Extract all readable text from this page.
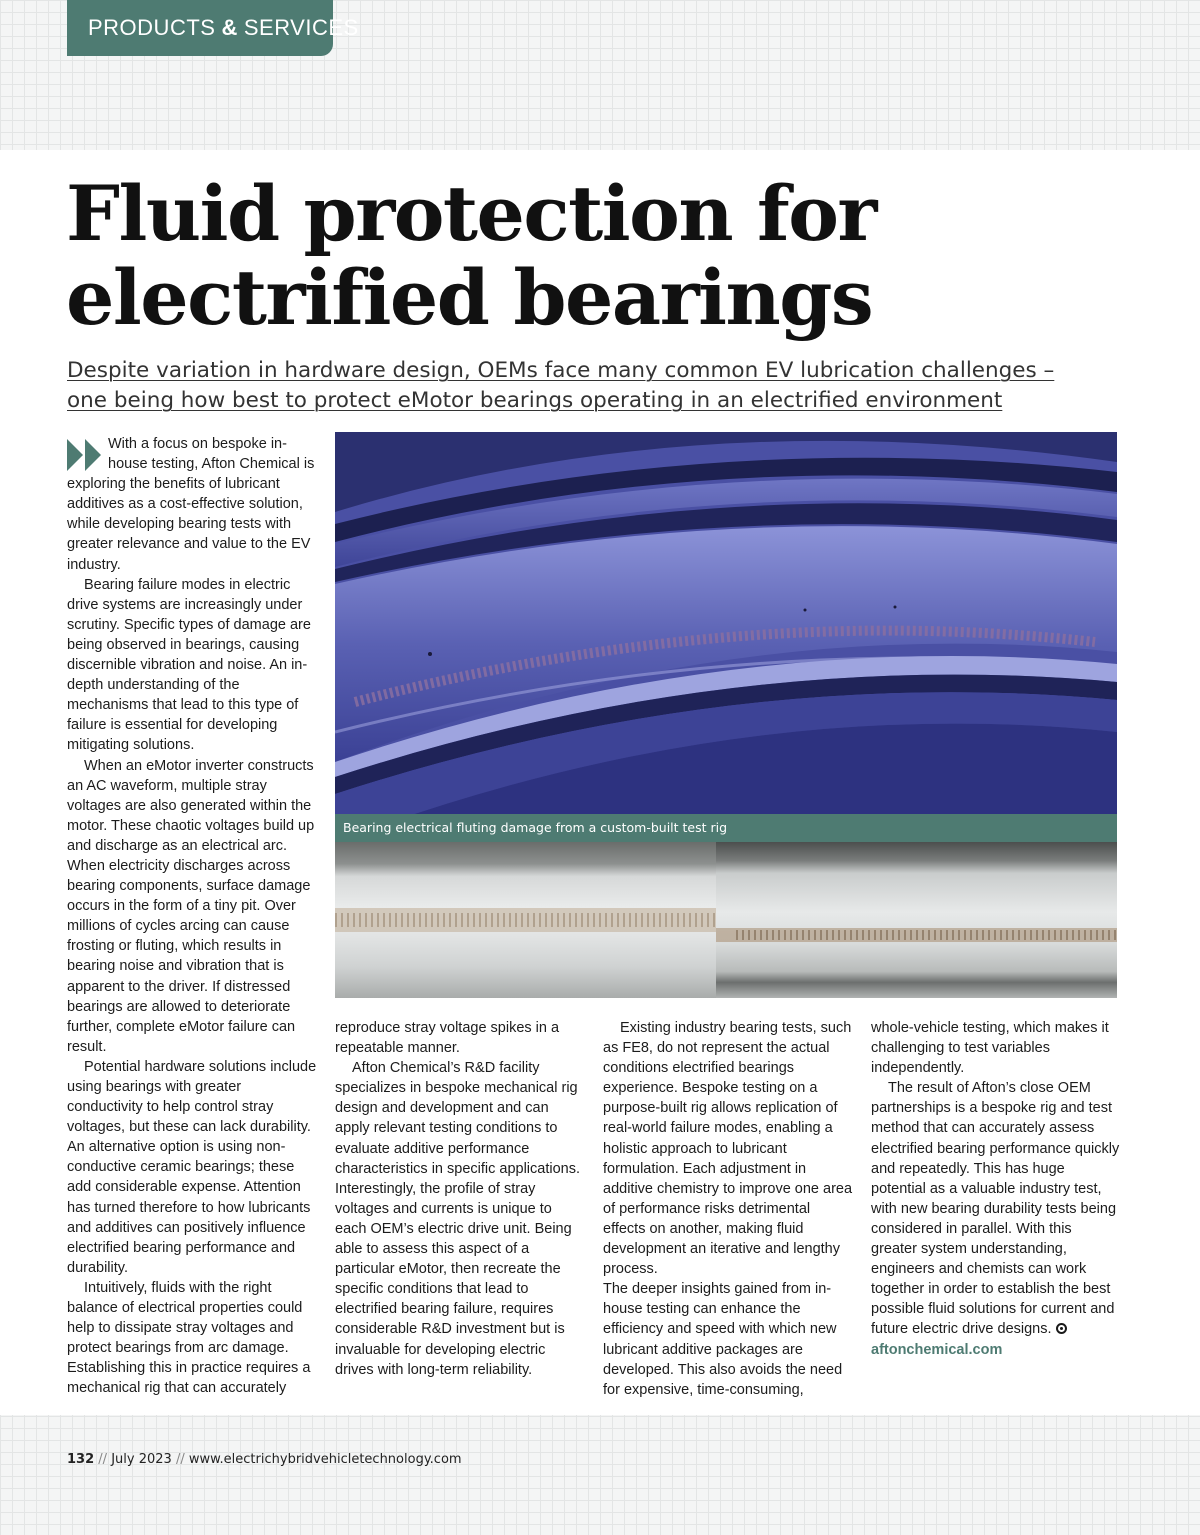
PRODUCTS & SERVICES
Fluid protection for electrified bearings

Despite variation in hardware design, OEMs face many common EV lubrication challenges – one being how best to protect eMotor bearings operating in an electrified environment

With a focus on bespoke in-house testing, Afton Chemical is exploring the benefits of lubricant additives as a cost-effective solution, while developing bearing tests with greater relevance and value to the EV industry.

Bearing failure modes in electric drive systems are increasingly under scrutiny. Specific types of damage are being observed in bearings, causing discernible vibration and noise. An in-depth understanding of the mechanisms that lead to this type of failure is essential for developing mitigating solutions.

When an eMotor inverter constructs an AC waveform, multiple stray voltages are also generated within the motor. These chaotic voltages build up and discharge as an electrical arc. When electricity discharges across bearing components, surface damage occurs in the form of a tiny pit. Over millions of cycles arcing can cause frosting or fluting, which results in bearing noise and vibration that is apparent to the driver. If distressed bearings are allowed to deteriorate further, complete eMotor failure can result.

Potential hardware solutions include using bearings with greater conductivity to help control stray voltages, but these can lack durability. An alternative option is using non-conductive ceramic bearings; these add considerable expense. Attention has turned therefore to how lubricants and additives can positively influence electrified bearing performance and durability.

Intuitively, fluids with the right balance of electrical properties could help to dissipate stray voltages and protect bearings from arc damage. Establishing this in practice requires a mechanical rig that can accurately

Bearing electrical fluting damage from a custom-built test rig

reproduce stray voltage spikes in a repeatable manner.

Afton Chemical’s R&D facility specializes in bespoke mechanical rig design and development and can apply relevant testing conditions to evaluate additive performance characteristics in specific applications. Interestingly, the profile of stray voltages and currents is unique to each OEM’s electric drive unit. Being able to assess this aspect of a particular eMotor, then recreate the specific conditions that lead to electrified bearing failure, requires considerable R&D investment but is invaluable for developing electric drives with long-term reliability.

Existing industry bearing tests, such as FE8, do not represent the actual conditions electrified bearings experience. Bespoke testing on a purpose-built rig allows replication of real-world failure modes, enabling a holistic approach to lubricant formulation. Each adjustment in additive chemistry to improve one area of performance risks detrimental effects on another, making fluid development an iterative and lengthy process.

The deeper insights gained from in-house testing can enhance the efficiency and speed with which new lubricant additive packages are developed. This also avoids the need for expensive, time-consuming,

whole-vehicle testing, which makes it challenging to test variables independently.

The result of Afton’s close OEM partnerships is a bespoke rig and test method that can accurately assess electrified bearing performance quickly and repeatedly. This has huge potential as a valuable industry test, with new bearing durability tests being considered in parallel. With this greater system understanding, engineers and chemists can work together in order to establish the best possible fluid solutions for current and future electric drive designs.

aftonchemical.com
132 // July 2023 // www.electrichybridvehicletechnology.com
